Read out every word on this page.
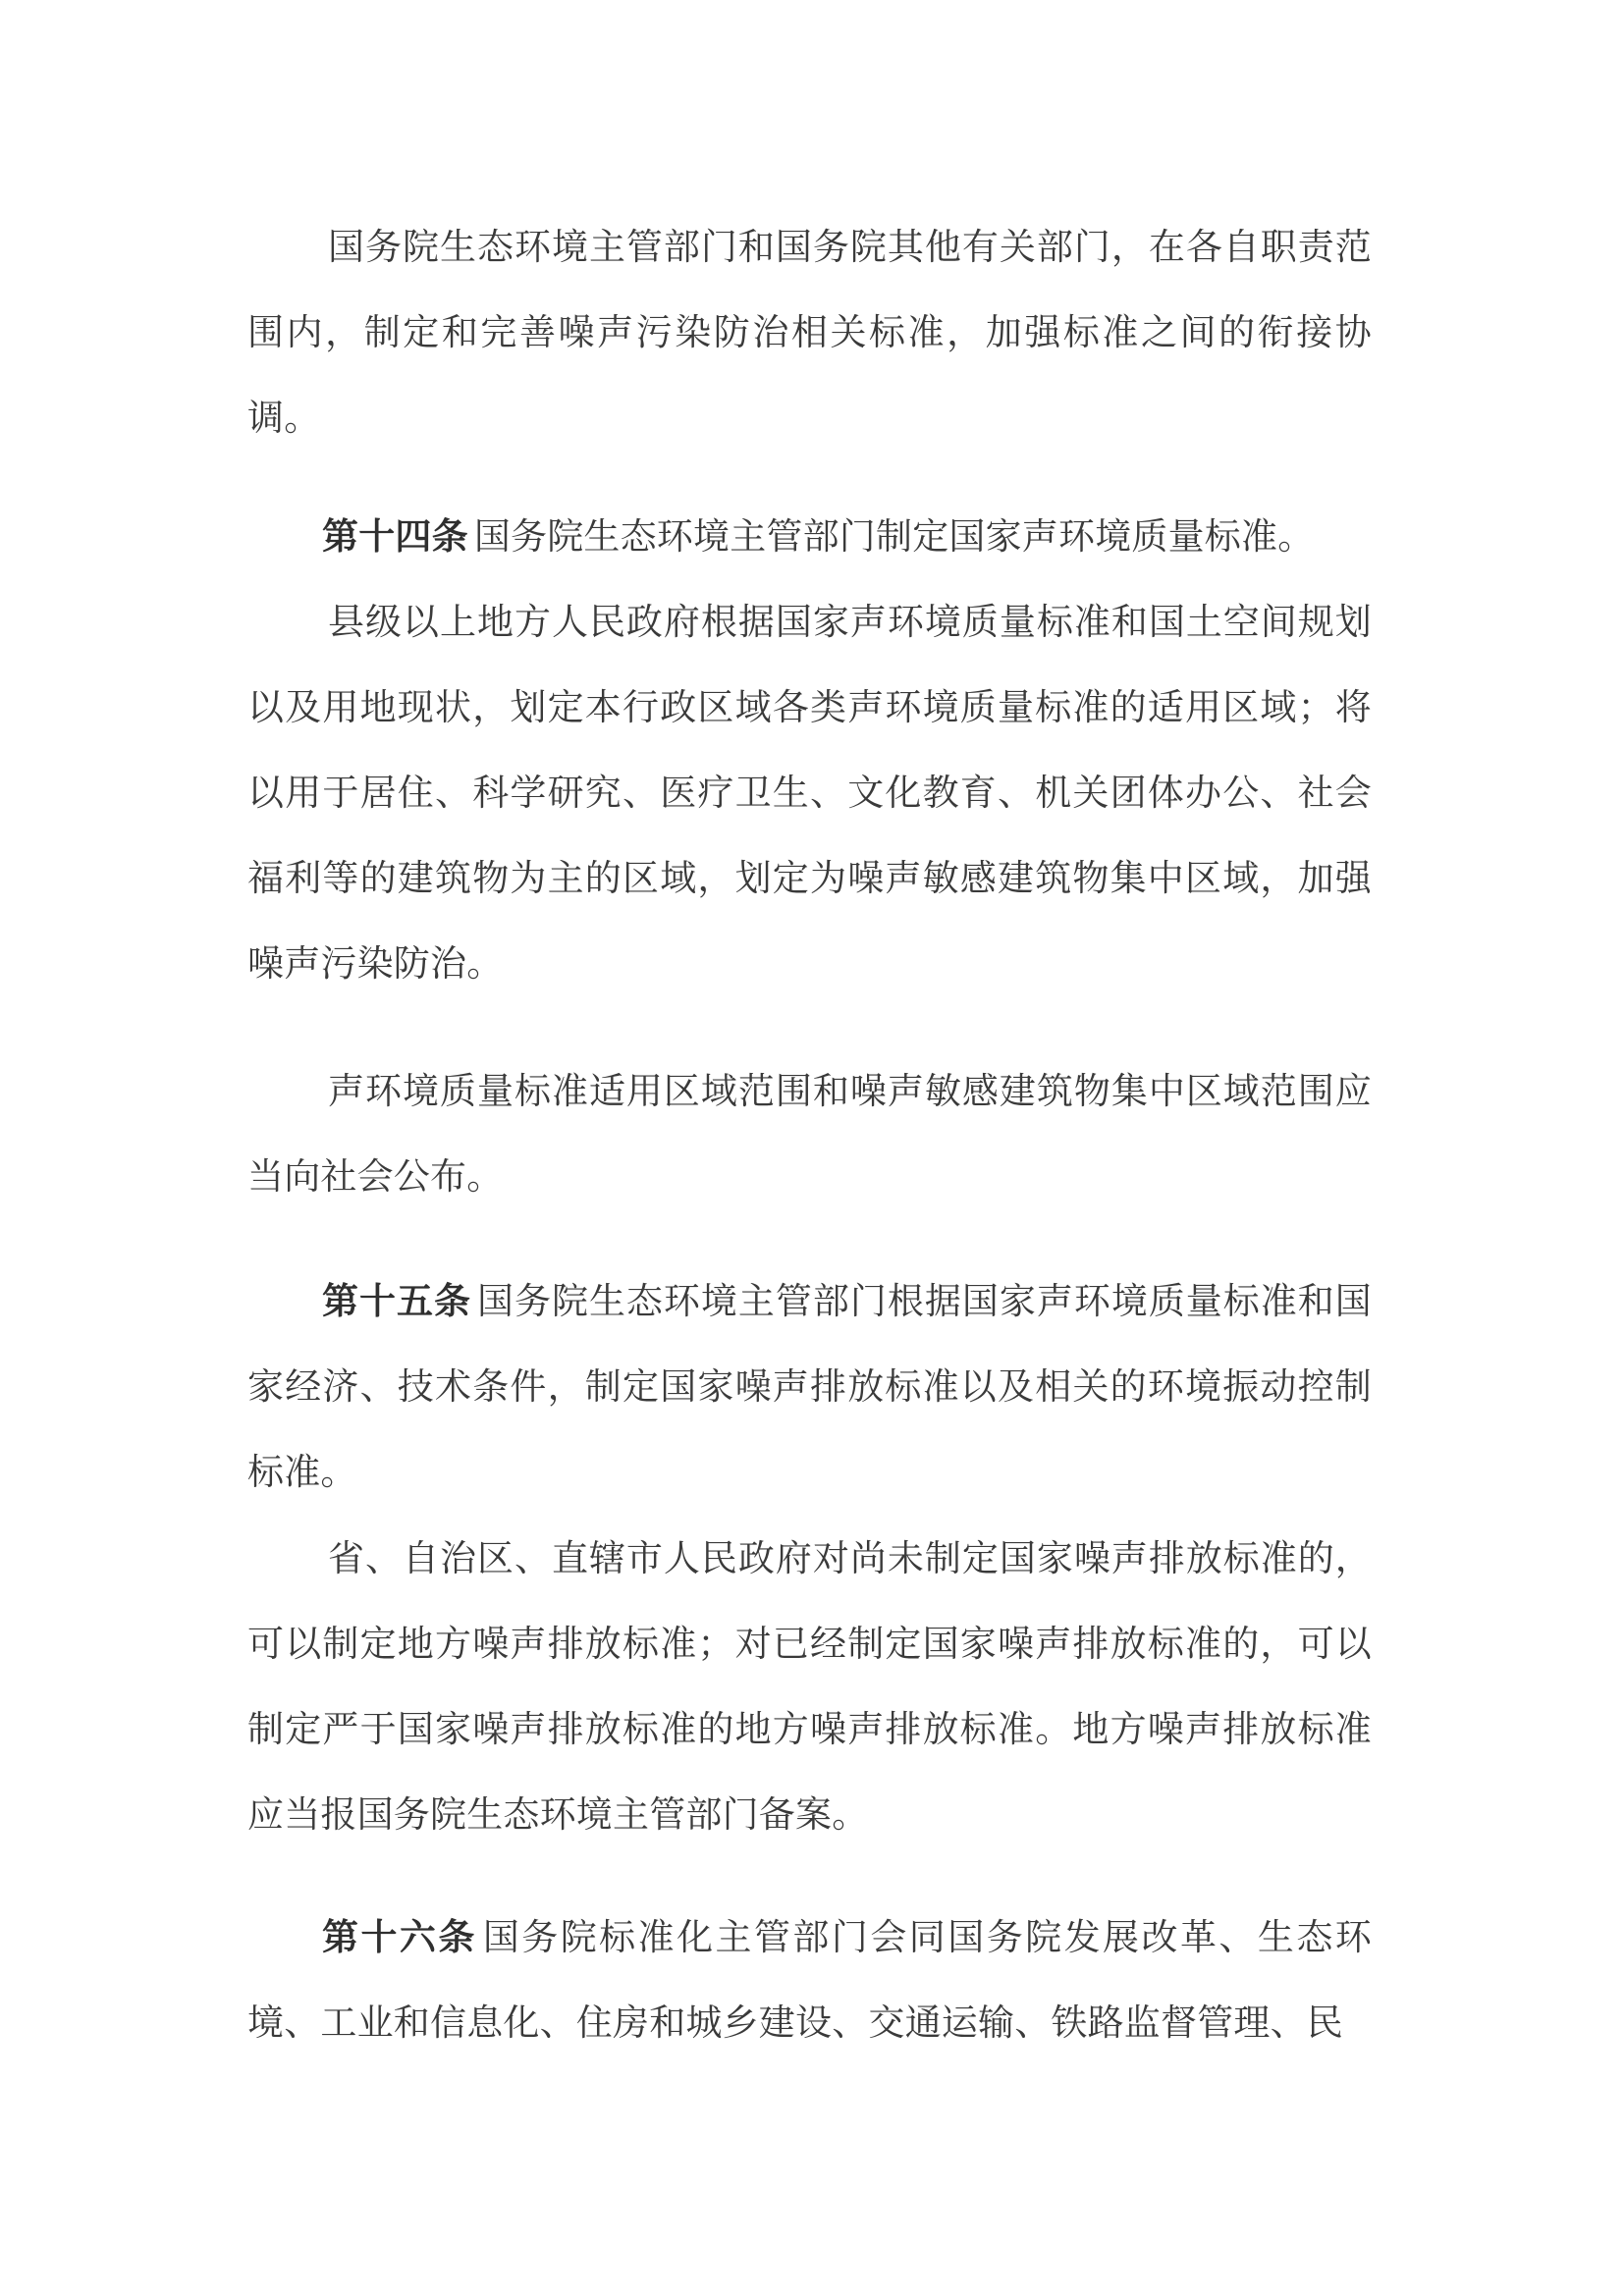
国务院生态环境主管部门和国务院其他有关部门，在各自职责范围内，制定和完善噪声污染防治相关标准，加强标准之间的衔接协调。

第十四条 国务院生态环境主管部门制定国家声环境质量标准。

县级以上地方人民政府根据国家声环境质量标准和国土空间规划以及用地现状，划定本行政区域各类声环境质量标准的适用区域；将以用于居住、科学研究、医疗卫生、文化教育、机关团体办公、社会福利等的建筑物为主的区域，划定为噪声敏感建筑物集中区域，加强噪声污染防治。

声环境质量标准适用区域范围和噪声敏感建筑物集中区域范围应当向社会公布。

第十五条 国务院生态环境主管部门根据国家声环境质量标准和国家经济、技术条件，制定国家噪声排放标准以及相关的环境振动控制标准。

省、自治区、直辖市人民政府对尚未制定国家噪声排放标准的，可以制定地方噪声排放标准；对已经制定国家噪声排放标准的，可以制定严于国家噪声排放标准的地方噪声排放标准。地方噪声排放标准应当报国务院生态环境主管部门备案。

第十六条 国务院标准化主管部门会同国务院发展改革、生态环境、工业和信息化、住房和城乡建设、交通运输、铁路监督管理、民
